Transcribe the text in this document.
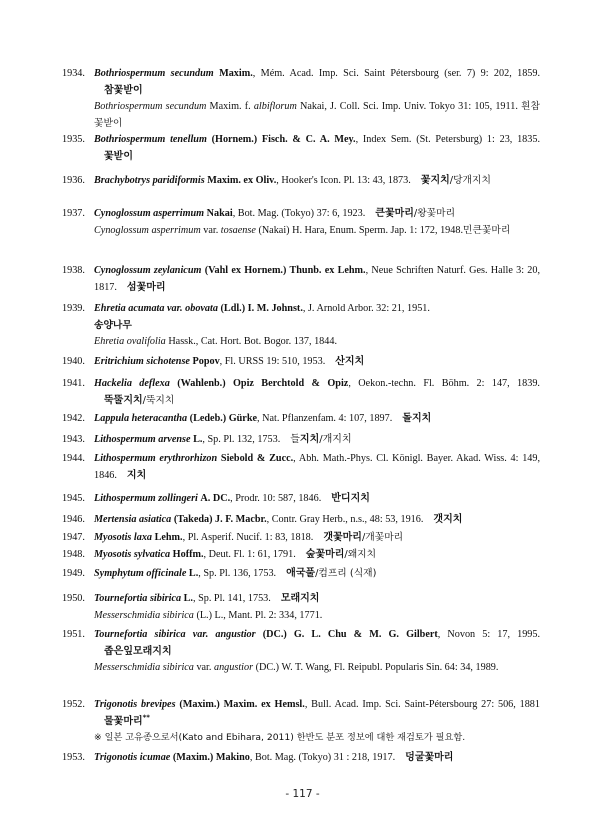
1934. Bothriospermum secundum Maxim., Mém. Acad. Imp. Sci. Saint Pétersbourg (ser. 7) 9: 202, 1859.참꽃받이

Bothriospermum secundum Maxim. f. albiflorum Nakai, J. Coll. Sci. Imp. Univ. Tokyo 31: 105, 1911. 흰참꽃받이

1935. Bothriospermum tenellum (Hornem.) Fisch. & C. A. Mey., Index Sem. (St. Petersburg) 1: 23, 1835.꽃받이

1936. Brachybotrys paridiformis Maxim. ex Oliv., Hooker's Icon. Pl. 13: 43, 1873. 꽃지치/당개지치

1937. Cynoglossum asperrimum Nakai, Bot. Mag. (Tokyo) 37: 6, 1923. 큰꽃마리/왕꽃마리

Cynoglossum asperrimum var. tosaense (Nakai) H. Hara, Enum. Sperm. Jap. 1: 172, 1948.민큰꽃마리

1938. Cynoglossum zeylanicum (Vahl ex Hornem.) Thunb. ex Lehm., Neue Schriften Naturf. Ges. Halle 3: 20, 1817. 섬꽃마리

1939. Ehretia acumata var. obovata (Ldl.) I. M. Johnst., J. Arnold Arbor. 32: 21, 1951.

송양나무

Ehretia ovalifolia Hassk., Cat. Hort. Bot. Bogor. 137, 1844.

1940. Eritrichium sichotense Popov, Fl. URSS 19: 510, 1953. 산지치

1941. Hackelia deflexa (Wahlenb.) Opiz Berchtold & Opiz, Oekon.-techn. Fl. Böhm. 2: 147, 1839.뚝뚤지치/뚝지치

1942. Lappula heteracantha (Ledeb.) Gürke, Nat. Pflanzenfam. 4: 107, 1897. 돌지치

1943. Lithospermum arvense L., Sp. Pl. 132, 1753. 들지치/개지치

1944. Lithospermum erythrorhizon Siebold & Zucc., Abh. Math.-Phys. Cl. Königl. Bayer. Akad. Wiss. 4: 149, 1846. 지치

1945. Lithospermum zollingeri A. DC., Prodr. 10: 587, 1846. 반디지치

1946. Mertensia asiatica (Takeda) J. F. Macbr., Contr. Gray Herb., n.s., 48: 53, 1916. 갯지치

1947. Myosotis laxa Lehm., Pl. Asperif. Nucif. 1: 83, 1818. 갯꽃마리/개꽃마리

1948. Myosotis sylvatica Hoffm., Deut. Fl. 1: 61, 1791. 숲꽃마리/왜지치

1949. Symphytum officinale L., Sp. Pl. 136, 1753. 애국풀/컴프리 (식재)

1950. Tournefortia sibirica L., Sp. Pl. 141, 1753. 모래지치

Messerschmidia sibirica (L.) L., Mant. Pl. 2: 334, 1771.

1951. Tournefortia sibirica var. angustior (DC.) G. L. Chu & M. G. Gilbert, Novon 5: 17, 1995.좁은잎모래지치

Messerschmidia sibirica var. angustior (DC.) W. T. Wang, Fl. Reipubl. Popularis Sin. 64: 34, 1989.

1952. Trigonotis brevipes (Maxim.) Maxim. ex Hemsl., Bull. Acad. Imp. Sci. Saint-Pétersbourg 27: 506, 1881물꽃마리**

※ 일본 고유종으로서(Kato and Ebihara, 2011) 한반도 분포 정보에 대한 재검토가 필요함.

1953. Trigonotis icumae (Maxim.) Makino, Bot. Mag. (Tokyo) 31 : 218, 1917. 덩굴꽃마리

- 117 -
